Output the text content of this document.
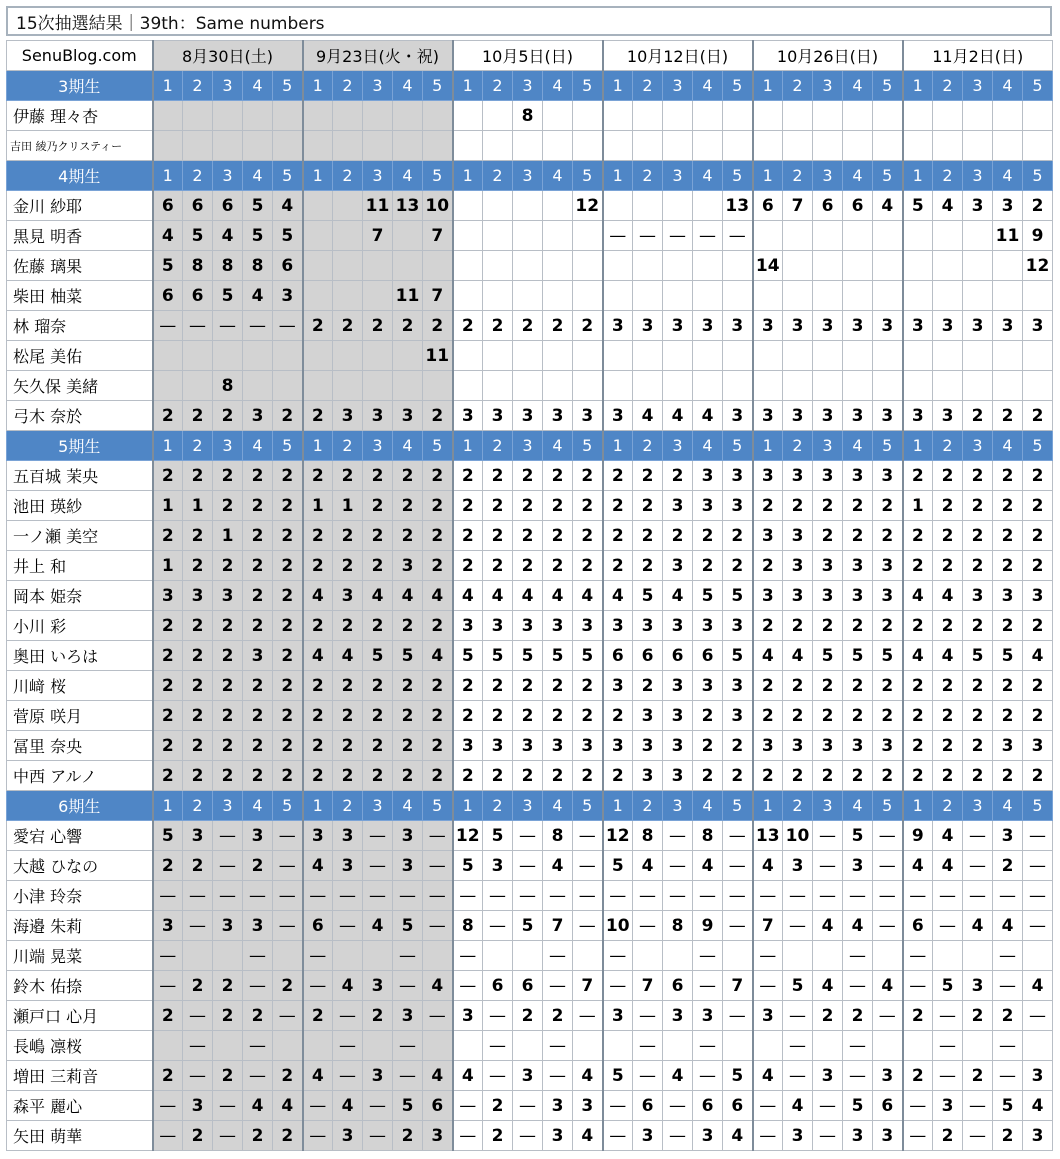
15次抽選結果｜39th：Same numbers
SenuBlog.com	8月30日(土)					9月23日(火・祝)					10月5日(日)					10月12日(日)					10月26日(日)					11月2日(日)				
3期生	1	2	3	4	5	1	2	3	4	5	1	2	3	4	5	1	2	3	4	5	1	2	3	4	5	1	2	3	4	5
伊藤 理々杏													8																	
吉田 綾乃クリスティー																														
4期生	1	2	3	4	5	1	2	3	4	5	1	2	3	4	5	1	2	3	4	5	1	2	3	4	5	1	2	3	4	5
金川 紗耶	6	6	6	5	4			11	13	10					12					13	6	7	6	6	4	5	4	3	3	2
黒見 明香	4	5	4	5	5			7		7						—	—	—	—	—									11	9
佐藤 璃果	5	8	8	8	6																14									12
柴田 柚菜	6	6	5	4	3				11	7																				
林 瑠奈	—	—	—	—	—	2	2	2	2	2	2	2	2	2	2	3	3	3	3	3	3	3	3	3	3	3	3	3	3	3
松尾 美佑										11																				
矢久保 美緒			8																											
弓木 奈於	2	2	2	3	2	2	3	3	3	2	3	3	3	3	3	3	4	4	4	3	3	3	3	3	3	3	3	2	2	2
5期生	1	2	3	4	5	1	2	3	4	5	1	2	3	4	5	1	2	3	4	5	1	2	3	4	5	1	2	3	4	5
五百城 茉央	2	2	2	2	2	2	2	2	2	2	2	2	2	2	2	2	2	2	3	3	3	3	3	3	3	2	2	2	2	2
池田 瑛紗	1	1	2	2	2	1	1	2	2	2	2	2	2	2	2	2	2	3	3	3	2	2	2	2	2	1	2	2	2	2
一ノ瀬 美空	2	2	1	2	2	2	2	2	2	2	2	2	2	2	2	2	2	2	2	2	3	3	2	2	2	2	2	2	2	2
井上 和	1	2	2	2	2	2	2	2	3	2	2	2	2	2	2	2	2	3	2	2	2	3	3	3	3	2	2	2	2	2
岡本 姫奈	3	3	3	2	2	4	3	4	4	4	4	4	4	4	4	4	5	4	5	5	3	3	3	3	3	4	4	3	3	3
小川 彩	2	2	2	2	2	2	2	2	2	2	3	3	3	3	3	3	3	3	3	3	2	2	2	2	2	2	2	2	2	2
奥田 いろは	2	2	2	3	2	4	4	5	5	4	5	5	5	5	5	6	6	6	6	5	4	4	5	5	5	4	4	5	5	4
川﨑 桜	2	2	2	2	2	2	2	2	2	2	2	2	2	2	2	3	2	3	3	3	2	2	2	2	2	2	2	2	2	2
菅原 咲月	2	2	2	2	2	2	2	2	2	2	2	2	2	2	2	2	3	3	2	3	2	2	2	2	2	2	2	2	2	2
冨里 奈央	2	2	2	2	2	2	2	2	2	2	3	3	3	3	3	3	3	3	2	2	3	3	3	3	3	2	2	2	3	3
中西 アルノ	2	2	2	2	2	2	2	2	2	2	2	2	2	2	2	2	3	3	2	2	2	2	2	2	2	2	2	2	2	2
6期生	1	2	3	4	5	1	2	3	4	5	1	2	3	4	5	1	2	3	4	5	1	2	3	4	5	1	2	3	4	5
愛宕 心響	5	3	—	3	—	3	3	—	3	—	12	5	—	8	—	12	8	—	8	—	13	10	—	5	—	9	4	—	3	—
大越 ひなの	2	2	—	2	—	4	3	—	3	—	5	3	—	4	—	5	4	—	4	—	4	3	—	3	—	4	4	—	2	—
小津 玲奈	—	—	—	—	—	—	—	—	—	—	—	—	—	—	—	—	—	—	—	—	—	—	—	—	—	—	—	—	—	—
海邉 朱莉	3	—	3	3	—	6	—	4	5	—	8	—	5	7	—	10	—	8	9	—	7	—	4	4	—	6	—	4	4	—
川端 晃菜	—			—		—			—		—			—		—			—		—			—		—			—	
鈴木 佑捺	—	2	2	—	2	—	4	3	—	4	—	6	6	—	7	—	7	6	—	7	—	5	4	—	4	—	5	3	—	4
瀬戸口 心月	2	—	2	2	—	2	—	2	3	—	3	—	2	2	—	3	—	3	3	—	3	—	2	2	—	2	—	2	2	—
長嶋 凛桜		—		—			—		—			—		—			—		—			—		—			—		—	
増田 三莉音	2	—	2	—	2	4	—	3	—	4	4	—	3	—	4	5	—	4	—	5	4	—	3	—	3	2	—	2	—	3
森平 麗心	—	3	—	4	4	—	4	—	5	6	—	2	—	3	3	—	6	—	6	6	—	4	—	5	6	—	3	—	5	4
矢田 萌華	—	2	—	2	2	—	3	—	2	3	—	2	—	3	4	—	3	—	3	4	—	3	—	3	3	—	2	—	2	3
